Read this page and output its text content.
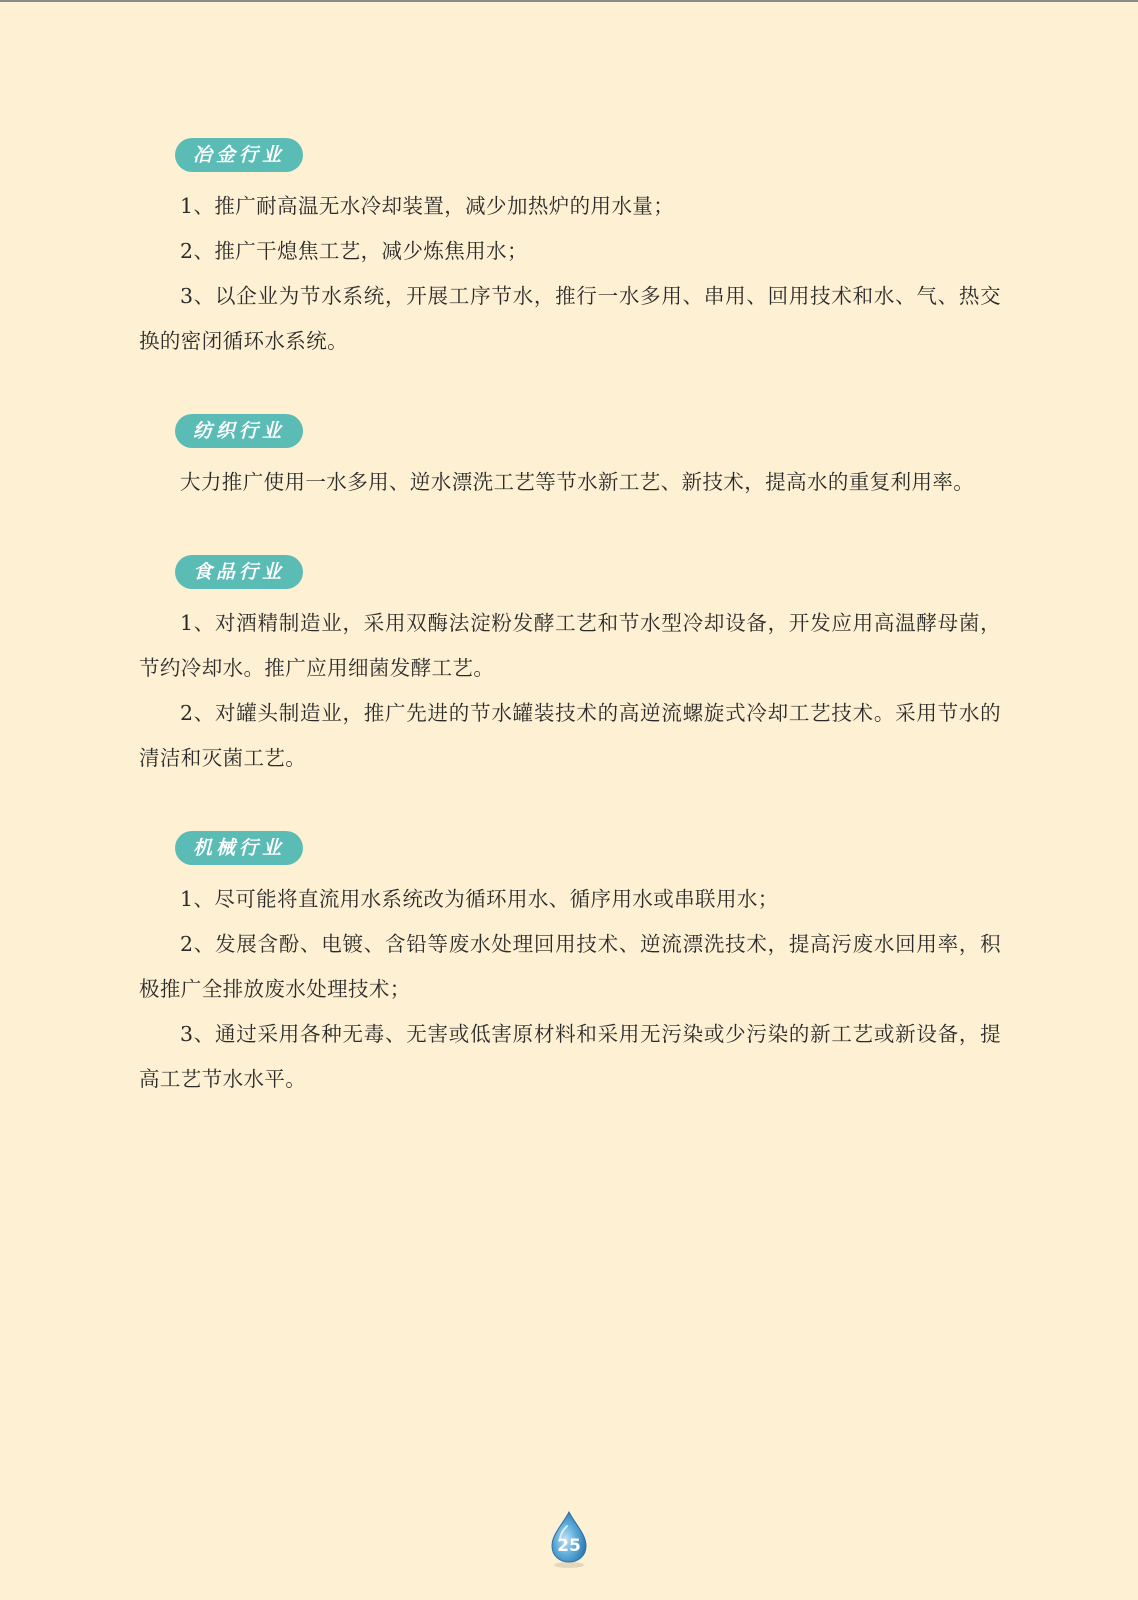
冶金行业

1、推广耐高温无水冷却装置，减少加热炉的用水量；

2、推广干熄焦工艺，减少炼焦用水；

3、以企业为节水系统，开展工序节水，推行一水多用、串用、回用技术和水、气、热交换的密闭循环水系统。

纺织行业

大力推广使用一水多用、逆水漂洗工艺等节水新工艺、新技术，提高水的重复利用率。

食品行业

1、对酒精制造业，采用双酶法淀粉发酵工艺和节水型冷却设备，开发应用高温酵母菌，节约冷却水。推广应用细菌发酵工艺。

2、对罐头制造业，推广先进的节水罐装技术的高逆流螺旋式冷却工艺技术。采用节水的清洁和灭菌工艺。

机械行业

1、尽可能将直流用水系统改为循环用水、循序用水或串联用水；

2、发展含酚、电镀、含铅等废水处理回用技术、逆流漂洗技术，提高污废水回用率，积极推广全排放废水处理技术；

3、通过采用各种无毒、无害或低害原材料和采用无污染或少污染的新工艺或新设备，提高工艺节水水平。

25
